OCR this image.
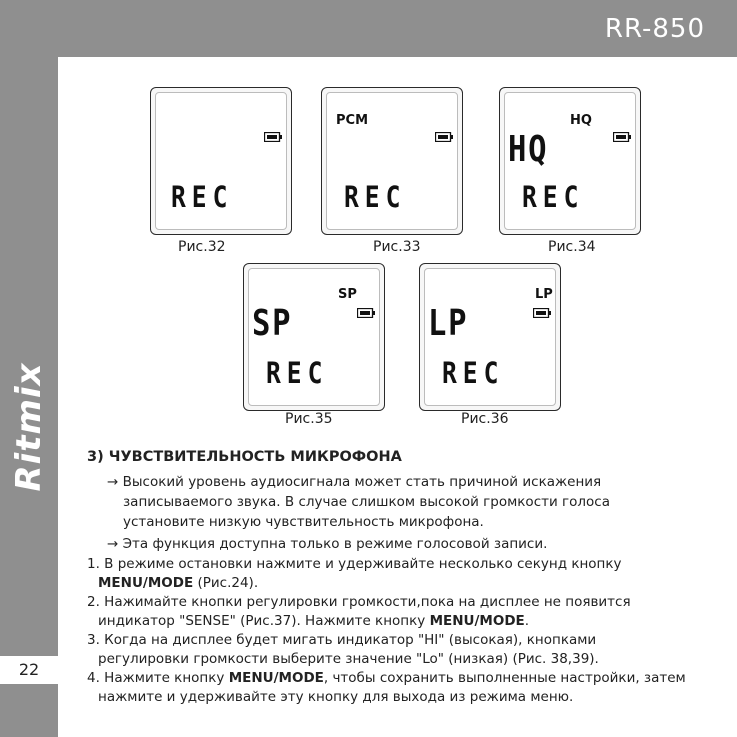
RR-850
Ritmix
22
REC
Рис.32
PCM
REC
Рис.33
HQ
HQ
REC
Рис.34
SP
SP
REC
Рис.35
LP
LP
REC
Рис.36
3) ЧУВСТВИТЕЛЬНОСТЬ МИКРОФОНА
→ Высокий уровень аудиосигнала может стать причиной искажения
записываемого звука. В случае слишком высокой громкости голоса
установите низкую чувствительность микрофона.
→ Эта функция доступна только в режиме голосовой записи.
1. В режиме остановки нажмите и удерживайте несколько секунд кнопку
MENU/MODE (Рис.24).
2. Нажимайте кнопки регулировки громкости,пока на дисплее не появится
индикатор "SENSE" (Рис.37). Нажмите кнопку MENU/MODE.
3. Когда на дисплее будет мигать индикатор "HI" (высокая), кнопками
регулировки громкости выберите значение "Lo" (низкая) (Рис. 38,39).
4. Нажмите кнопку MENU/MODE, чтобы сохранить выполненные настройки, затем
нажмите и удерживайте эту кнопку для выхода из режима меню.
